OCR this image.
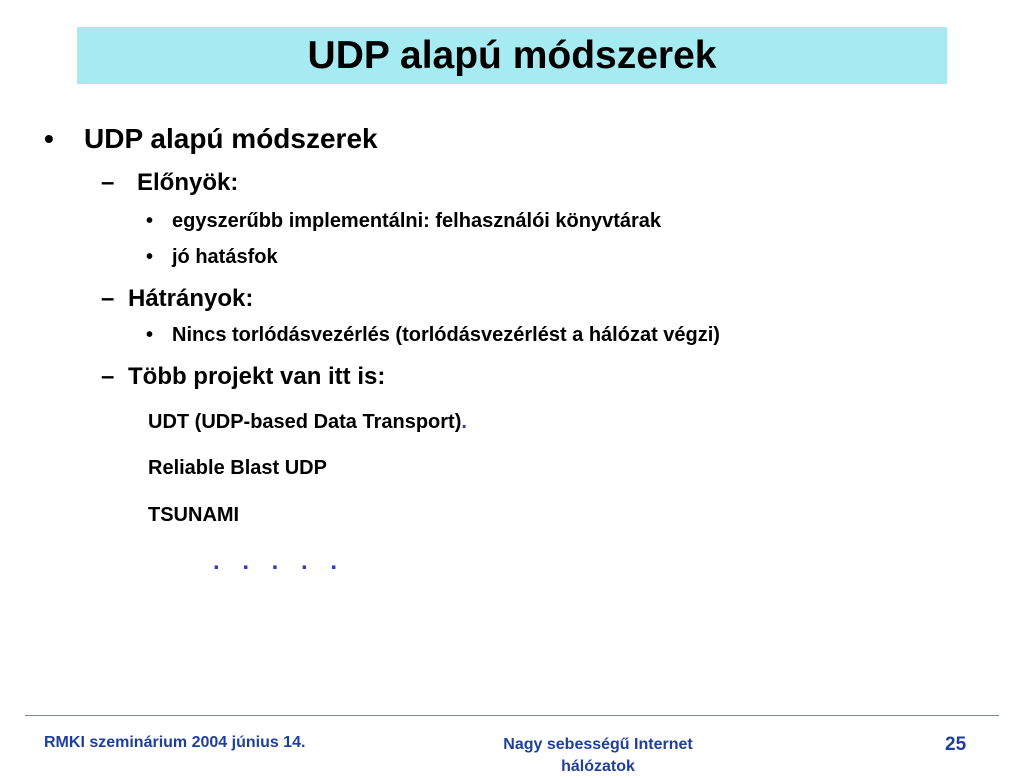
UDP alapú módszerek
• UDP alapú módszerek
– Előnyök:
• egyszerűbb implementálni: felhasználói könyvtárak
• jó hatásfok
– Hátrányok:
• Nincs torlódásvezérlés (torlódásvezérlést a hálózat végzi)
– Több projekt van itt is:
UDT (UDP-based Data Transport).
Reliable Blast UDP
TSUNAMI
. . . . .
RMKI szeminárium 2004 június 14.	Nagy sebességű Internet hálózatok
25
